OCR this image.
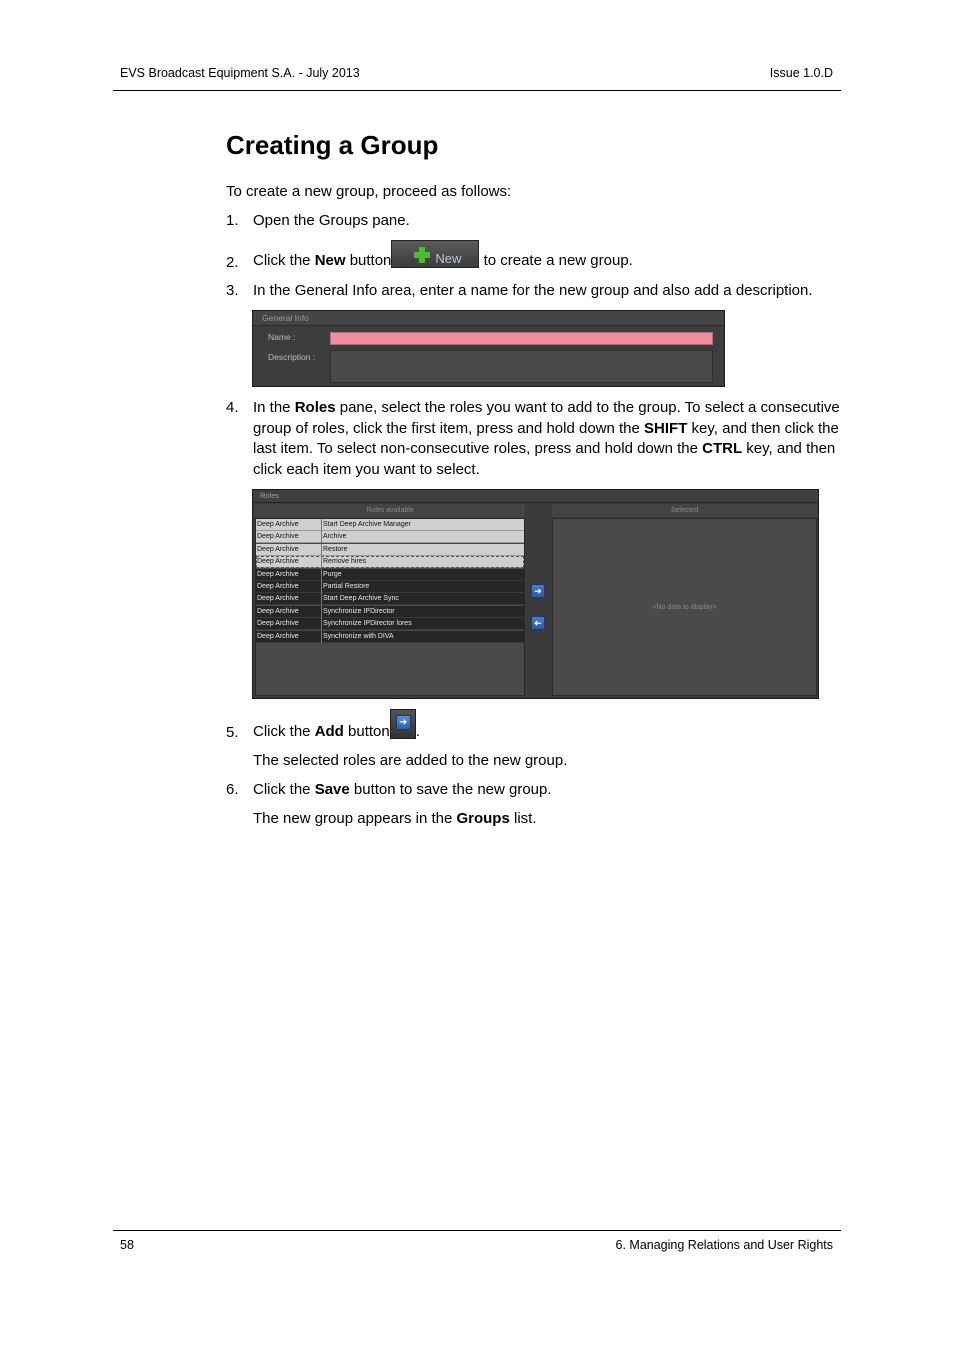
EVS Broadcast Equipment S.A. - July 2013	Issue 1.0.D
Creating a Group
To create a new group, proceed as follows:
1. Open the Groups pane.
2. Click the New button	New to create a new group.
3. In the General Info area, enter a name for the new group and also add a description.
General Info
Name :
Description :
4. In the Roles pane, select the roles you want to add to the group. To select a consecutive group of roles, click the first item, press and hold down the SHIFT key, and then click the last item. To select non-consecutive roles, press and hold down the CTRL key, and then click each item you want to select.
Roles
Roles available	Selected
Deep Archive	Start Deep Archive Manager
Deep Archive	Archive
Deep Archive	Restore
Deep Archive	Remove hires
Deep Archive	Purge
Deep Archive	Partial Restore
Deep Archive	Start Deep Archive Sync
Deep Archive	Synchronize IPDirector
Deep Archive	Synchronize IPDirector lores
Deep Archive	Synchronize with DIVA
➜
➜
<No data to display>
5. Click the Add button
➜
.
The selected roles are added to the new group.
6. Click the Save button to save the new group.
The new group appears in the Groups list.
58	6. Managing Relations and User Rights
